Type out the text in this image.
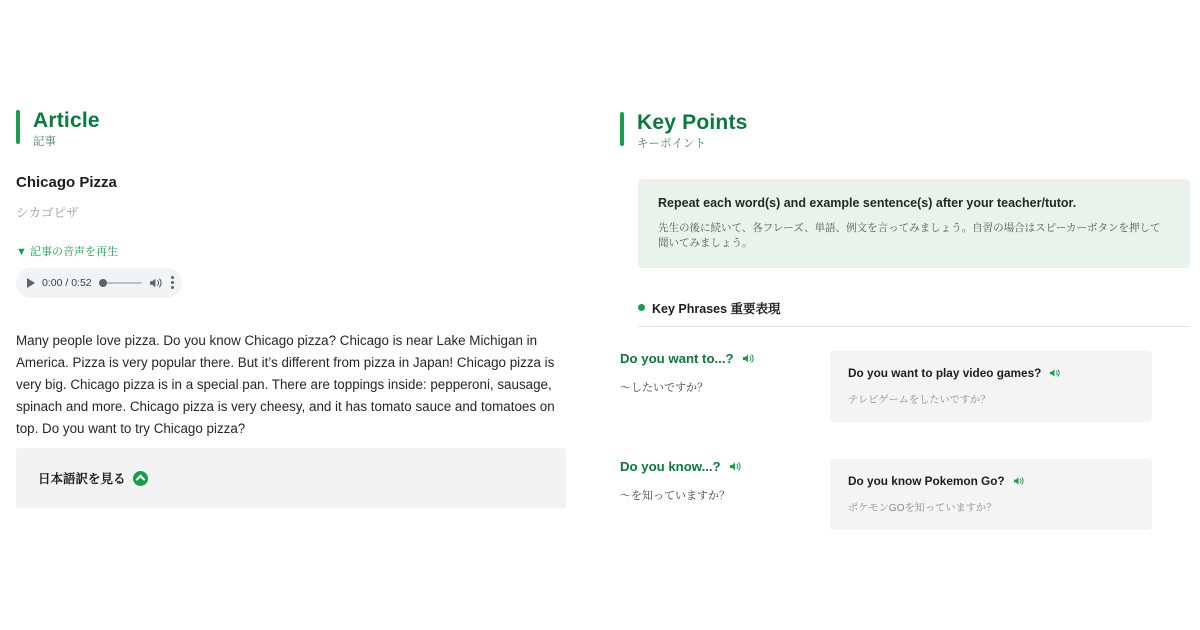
Article
記事
Chicago Pizza
シカゴピザ
▼ 記事の音声を再生
0:00 / 0:52
Many people love pizza. Do you know Chicago pizza? Chicago is near Lake Michigan in America. Pizza is very popular there. But it’s different from pizza in Japan! Chicago pizza is very big. Chicago pizza is in a special pan. There are toppings inside: pepperoni, sausage, spinach and more. Chicago pizza is very cheesy, and it has tomato sauce and tomatoes on top. Do you want to try Chicago pizza?
日本語訳を見る
Key Points
キーポイント
Repeat each word(s) and example sentence(s) after your teacher/tutor.
先生の後に続いて、各フレーズ、単語、例文を言ってみましょう。自習の場合はスピーカーボタンを押して聞いてみましょう。
Key Phrases 重要表現
Do you want to...?
〜したいですか？
Do you want to play video games?
テレビゲームをしたいですか？
Do you know...?
〜を知っていますか？
Do you know Pokemon Go?
ポケモンGOを知っていますか？
